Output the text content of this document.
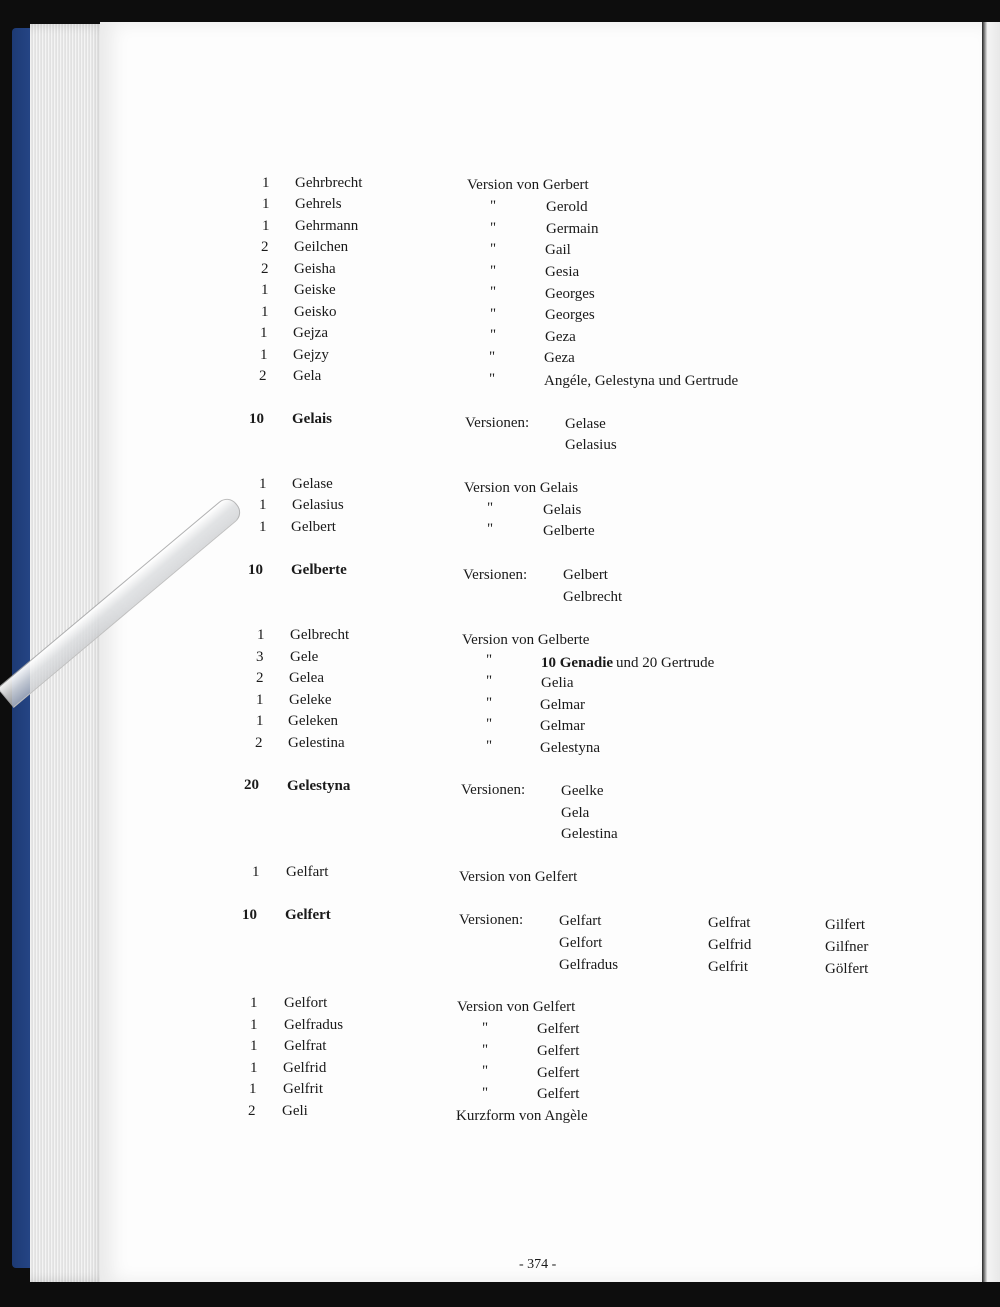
1 Gehrbrecht	Version von Gerbert
1 Gehrels	"	Gerold
1 Gehrmann	"	Germain
2 Geilchen	"	Gail
2 Geisha	"	Gesia
1 Geiske	"	Georges
1 Geisko	"	Georges
1 Gejza	"	Geza
1 Gejzy	"	Geza
2 Gela	"	Angéle, Gelestyna und Gertrude
10 Gelais	Versionen: Gelase
Gelasius
1 Gelase	Version von Gelais
1 Gelasius	"	Gelais
1 Gelbert	"	Gelberte
10 Gelberte	Versionen: Gelbert
Gelbrecht
1 Gelbrecht	Version von Gelberte
3 Gele	"	10 Genadie und 20 Gertrude
2 Gelea	"	Gelia
1 Geleke	"	Gelmar
1 Geleken	"	Gelmar
2 Gelestina	"	Gelestyna
20 Gelestyna	Versionen: Geelke
Gela
Gelestina
1 Gelfart	Version von Gelfert
10 Gelfert	Versionen: Gelfart	Gelfrat	Gilfert
Gelfort	Gelfrid	Gilfner
Gelfradus	Gelfrit	Gölfert
1 Gelfort	Version von Gelfert
1 Gelfradus	"	Gelfert
1 Gelfrat	"	Gelfert
1 Gelfrid	"	Gelfert
1 Gelfrit	"	Gelfert
2 Geli	Kurzform von Angèle
- 374 -
